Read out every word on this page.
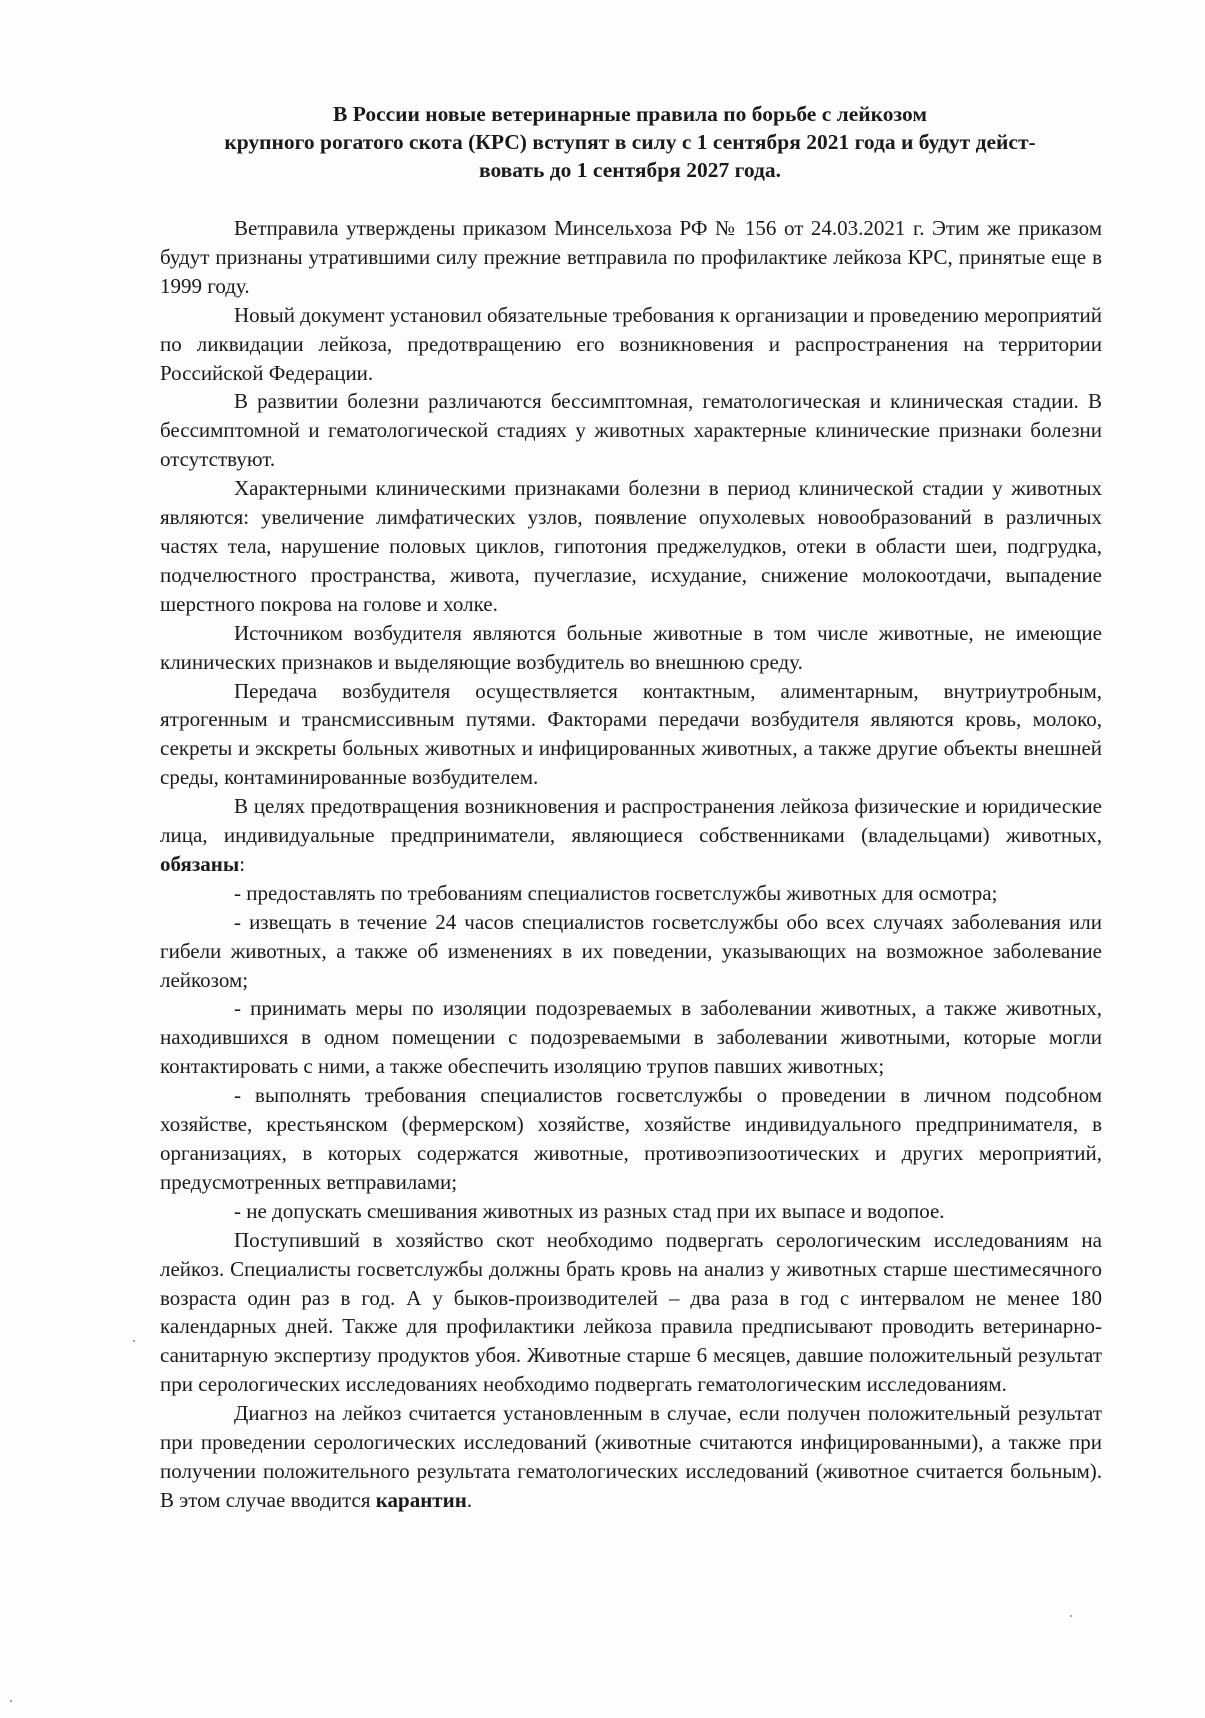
В России новые ветеринарные правила по борьбе с лейкозом
крупного рогатого скота (КРС) вступят в силу с 1 сентября 2021 года и будут дейст-
вовать до 1 сентября 2027 года.

Ветправила утверждены приказом Минсельхоза РФ № 156 от 24.03.2021 г. Этим же приказом будут признаны утратившими силу прежние ветправила по профилактике лейкоза КРС, принятые еще в 1999 году.

Новый документ установил обязательные требования к организации и проведению мероприятий по ликвидации лейкоза, предотвращению его возникновения и распространения на территории Российской Федерации.

В развитии болезни различаются бессимптомная, гематологическая и клиническая стадии. В бессимптомной и гематологической стадиях у животных характерные клинические признаки болезни отсутствуют.

Характерными клиническими признаками болезни в период клинической стадии у животных являются: увеличение лимфатических узлов, появление опухолевых новообразований в различных частях тела, нарушение половых циклов, гипотония преджелудков, отеки в области шеи, подгрудка, подчелюстного пространства, живота, пучеглазие, исхудание, снижение молокоотдачи, выпадение шерстного покрова на голове и холке.

Источником возбудителя являются больные животные в том числе животные, не имеющие клинических признаков и выделяющие возбудитель во внешнюю среду.

Передача возбудителя осуществляется контактным, алиментарным, внутриутробным, ятрогенным и трансмиссивным путями. Факторами передачи возбудителя являются кровь, молоко, секреты и экскреты больных животных и инфицированных животных, а также другие объекты внешней среды, контаминированные возбудителем.

В целях предотвращения возникновения и распространения лейкоза физические и юридические лица, индивидуальные предприниматели, являющиеся собственниками (владельцами) животных, обязаны:

- предоставлять по требованиям специалистов госветслужбы животных для осмотра;

- извещать в течение 24 часов специалистов госветслужбы обо всех случаях заболевания или гибели животных, а также об изменениях в их поведении, указывающих на возможное заболевание лейкозом;

- принимать меры по изоляции подозреваемых в заболевании животных, а также животных, находившихся в одном помещении с подозреваемыми в заболевании животными, которые могли контактировать с ними, а также обеспечить изоляцию трупов павших животных;

- выполнять требования специалистов госветслужбы о проведении в личном подсобном хозяйстве, крестьянском (фермерском) хозяйстве, хозяйстве индивидуального предпринимателя, в организациях, в которых содержатся животные, противоэпизоотических и других мероприятий, предусмотренных ветправилами;

- не допускать смешивания животных из разных стад при их выпасе и водопое.

Поступивший в хозяйство скот необходимо подвергать серологическим исследованиям на лейкоз. Специалисты госветслужбы должны брать кровь на анализ у животных старше шестимесячного возраста один раз в год. А у быков-производителей – два раза в год с интервалом не менее 180 календарных дней. Также для профилактики лейкоза правила предписывают проводить ветеринарно-санитарную экспертизу продуктов убоя. Животные старше 6 месяцев, давшие положительный результат при серологических исследованиях необходимо подвергать гематологическим исследованиям.

Диагноз на лейкоз считается установленным в случае, если получен положительный результат при проведении серологических исследований (животные считаются инфицированными), а также при получении положительного результата гематологических исследований (животное считается больным). В этом случае вводится карантин.
